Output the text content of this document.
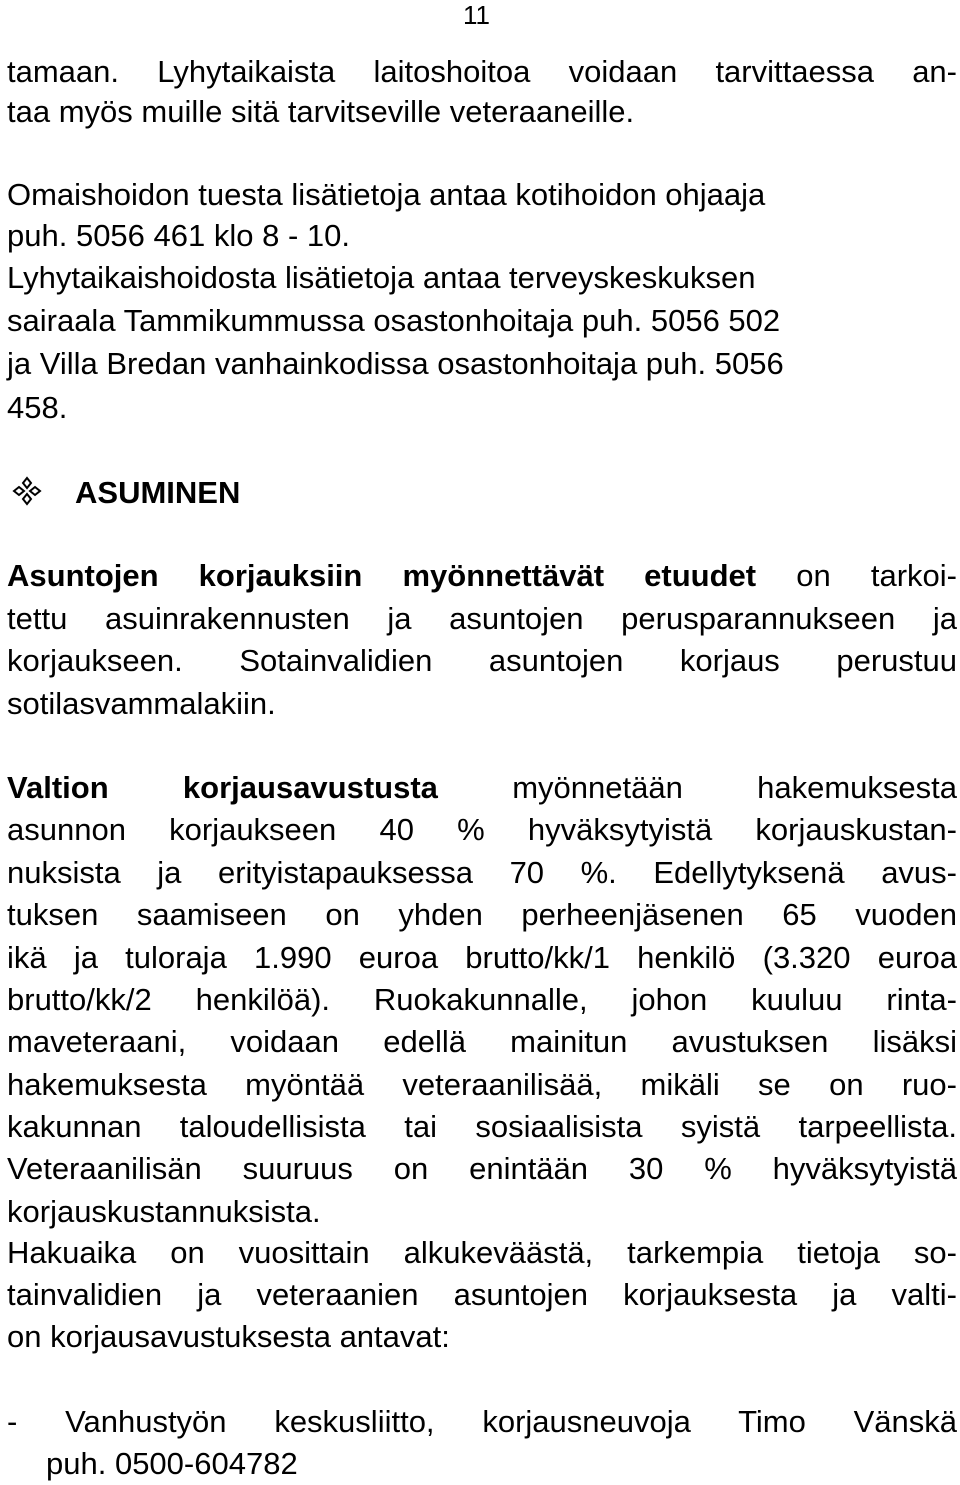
11
tamaan. Lyhytaikaista laitoshoitoa voidaan tarvittaessa an-
taa myös muille sitä tarvitseville veteraaneille.
Omaishoidon tuesta lisätietoja antaa kotihoidon ohjaaja
puh. 5056 461 klo 8 - 10.
Lyhytaikaishoidosta lisätietoja antaa terveyskeskuksen
sairaala Tammikummussa osastonhoitaja puh. 5056 502
ja Villa Bredan vanhainkodissa osastonhoitaja puh. 5056
458.
ASUMINEN
Asuntojen korjauksiin myönnettävät etuudet on tarkoi-
tettu asuinrakennusten ja asuntojen perusparannukseen ja
korjaukseen. Sotainvalidien asuntojen korjaus perustuu
sotilasvammalakiin.
Valtion korjausavustusta myönnetään hakemuksesta
asunnon korjaukseen 40 % hyväksytyistä korjauskustan-
nuksista ja erityistapauksessa 70 %. Edellytyksenä avus-
tuksen saamiseen on yhden perheenjäsenen 65 vuoden
ikä ja tuloraja 1.990 euroa brutto/kk/1 henkilö (3.320 euroa
brutto/kk/2 henkilöä). Ruokakunnalle, johon kuuluu rinta-
maveteraani, voidaan edellä mainitun avustuksen lisäksi
hakemuksesta myöntää veteraanilisää, mikäli se on ruo-
kakunnan taloudellisista tai sosiaalisista syistä tarpeellista.
Veteraanilisän suuruus on enintään 30 % hyväksytyistä
korjauskustannuksista.
Hakuaika on vuosittain alkukeväästä, tarkempia tietoja so-
tainvalidien ja veteraanien asuntojen korjauksesta ja valti-
on korjausavustuksesta antavat:
- Vanhustyön keskusliitto, korjausneuvoja Timo Vänskä
puh. 0500-604782
